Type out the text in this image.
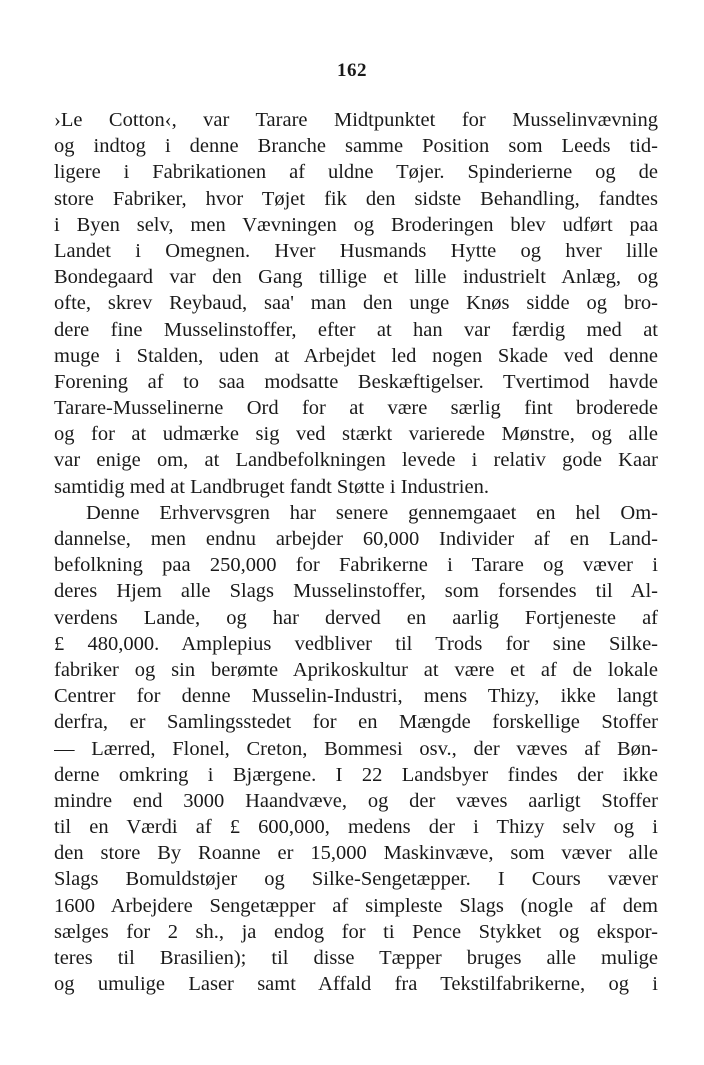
162
›Le Cotton‹, var Tarare Midtpunktet for Musselinvævning
og indtog i denne Branche samme Position som Leeds tid-
ligere i Fabrikationen af uldne Tøjer. Spinderierne og de
store Fabriker, hvor Tøjet fik den sidste Behandling, fandtes
i Byen selv, men Vævningen og Broderingen blev udført paa
Landet i Omegnen. Hver Husmands Hytte og hver lille
Bondegaard var den Gang tillige et lille industrielt Anlæg, og
ofte, skrev Reybaud, saa' man den unge Knøs sidde og bro-
dere fine Musselinstoffer, efter at han var færdig med at
muge i Stalden, uden at Arbejdet led nogen Skade ved denne
Forening af to saa modsatte Beskæftigelser. Tvertimod havde
Tarare-Musselinerne Ord for at være særlig fint broderede
og for at udmærke sig ved stærkt varierede Mønstre, og alle
var enige om, at Landbefolkningen levede i relativ gode Kaar
samtidig med at Landbruget fandt Støtte i Industrien.
Denne Erhvervsgren har senere gennemgaaet en hel Om-
dannelse, men endnu arbejder 60,000 Individer af en Land-
befolkning paa 250,000 for Fabrikerne i Tarare og væver i
deres Hjem alle Slags Musselinstoffer, som forsendes til Al-
verdens Lande, og har derved en aarlig Fortjeneste af
£ 480,000. Amplepius vedbliver til Trods for sine Silke-
fabriker og sin berømte Aprikoskultur at være et af de lokale
Centrer for denne Musselin-Industri, mens Thizy, ikke langt
derfra, er Samlingsstedet for en Mængde forskellige Stoffer
— Lærred, Flonel, Creton, Bommesi osv., der væves af Bøn-
derne omkring i Bjærgene. I 22 Landsbyer findes der ikke
mindre end 3000 Haandvæve, og der væves aarligt Stoffer
til en Værdi af £ 600,000, medens der i Thizy selv og i
den store By Roanne er 15,000 Maskinvæve, som væver alle
Slags Bomuldstøjer og Silke-Sengetæpper. I Cours væver
1600 Arbejdere Sengetæpper af simpleste Slags (nogle af dem
sælges for 2 sh., ja endog for ti Pence Stykket og ekspor-
teres til Brasilien); til disse Tæpper bruges alle mulige
og umulige Laser samt Affald fra Tekstilfabrikerne, og i
